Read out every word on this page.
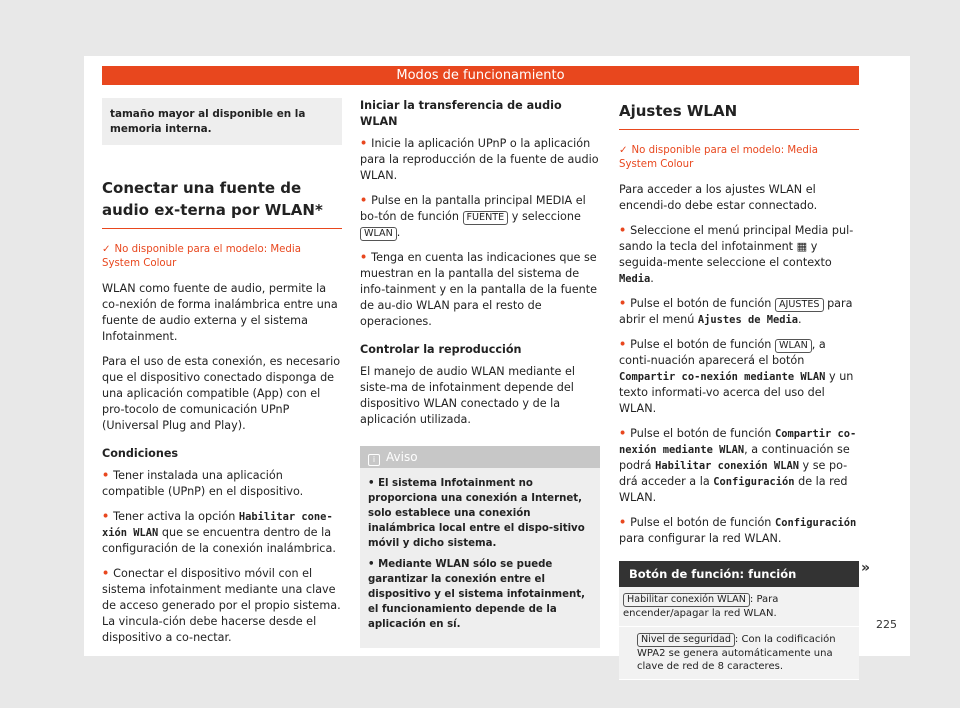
Modos de funcionamiento
tamaño mayor al disponible en la memoria interna.
Conectar una fuente de audio ex-terna por WLAN*

✓ No disponible para el modelo: Media System Colour

WLAN como fuente de audio, permite la co-nexión de forma inalámbrica entre una fuente de audio externa y el sistema Infotainment.

Para el uso de esta conexión, es necesario que el dispositivo conectado disponga de una aplicación compatible (App) con el pro-tocolo de comunicación UPnP (Universal Plug and Play).

Condiciones

• Tener instalada una aplicación compatible (UPnP) en el dispositivo.

• Tener activa la opción Habilitar cone-xión WLAN que se encuentra dentro de la configuración de la conexión inalámbrica.

• Conectar el dispositivo móvil con el sistema infotainment mediante una clave de acceso generado por el propio sistema. La vincula-ción debe hacerse desde el dispositivo a co-nectar.

Iniciar la transferencia de audio WLAN

• Inicie la aplicación UPnP o la aplicación para la reproducción de la fuente de audio WLAN.

• Pulse en la pantalla principal MEDIA el bo-tón de función FUENTE y seleccione WLAN .

• Tenga en cuenta las indicaciones que se muestran en la pantalla del sistema de info-tainment y en la pantalla de la fuente de au-dio WLAN para el resto de operaciones.

Controlar la reproducción

El manejo de audio WLAN mediante el siste-ma de infotainment depende del dispositivo WLAN conectado y de la aplicación utilizada.

i Aviso

• El sistema Infotainment no proporciona una conexión a Internet, solo establece una conexión inalámbrica local entre el dispo-sitivo móvil y dicho sistema.

• Mediante WLAN sólo se puede garantizar la conexión entre el dispositivo y el sistema infotainment, el funcionamiento depende de la aplicación en sí.

Ajustes WLAN

✓ No disponible para el modelo: Media System Colour

Para acceder a los ajustes WLAN el encendi-do debe estar connectado.

• Seleccione el menú principal Media pul-sando la tecla del infotainment ▦ y seguida-mente seleccione el contexto Media.

• Pulse el botón de función AJUSTES para abrir el menú Ajustes de Media.

• Pulse el botón de función WLAN , a conti-nuación aparecerá el botón Compartir co-nexión mediante WLAN y un texto informati-vo acerca del uso del WLAN.

• Pulse el botón de función Compartir co-nexión mediante WLAN, a continuación se podrá Habilitar conexión WLAN y se po-drá acceder a la Configuración de la red WLAN.

• Pulse el botón de función Configuración para configurar la red WLAN.

Botón de función: función
Habilitar conexión WLAN : Para encender/apagar la red WLAN.
Nivel de seguridad : Con la codificación WPA2 se genera automáticamente una clave de red de 8 caracteres.
»
225
